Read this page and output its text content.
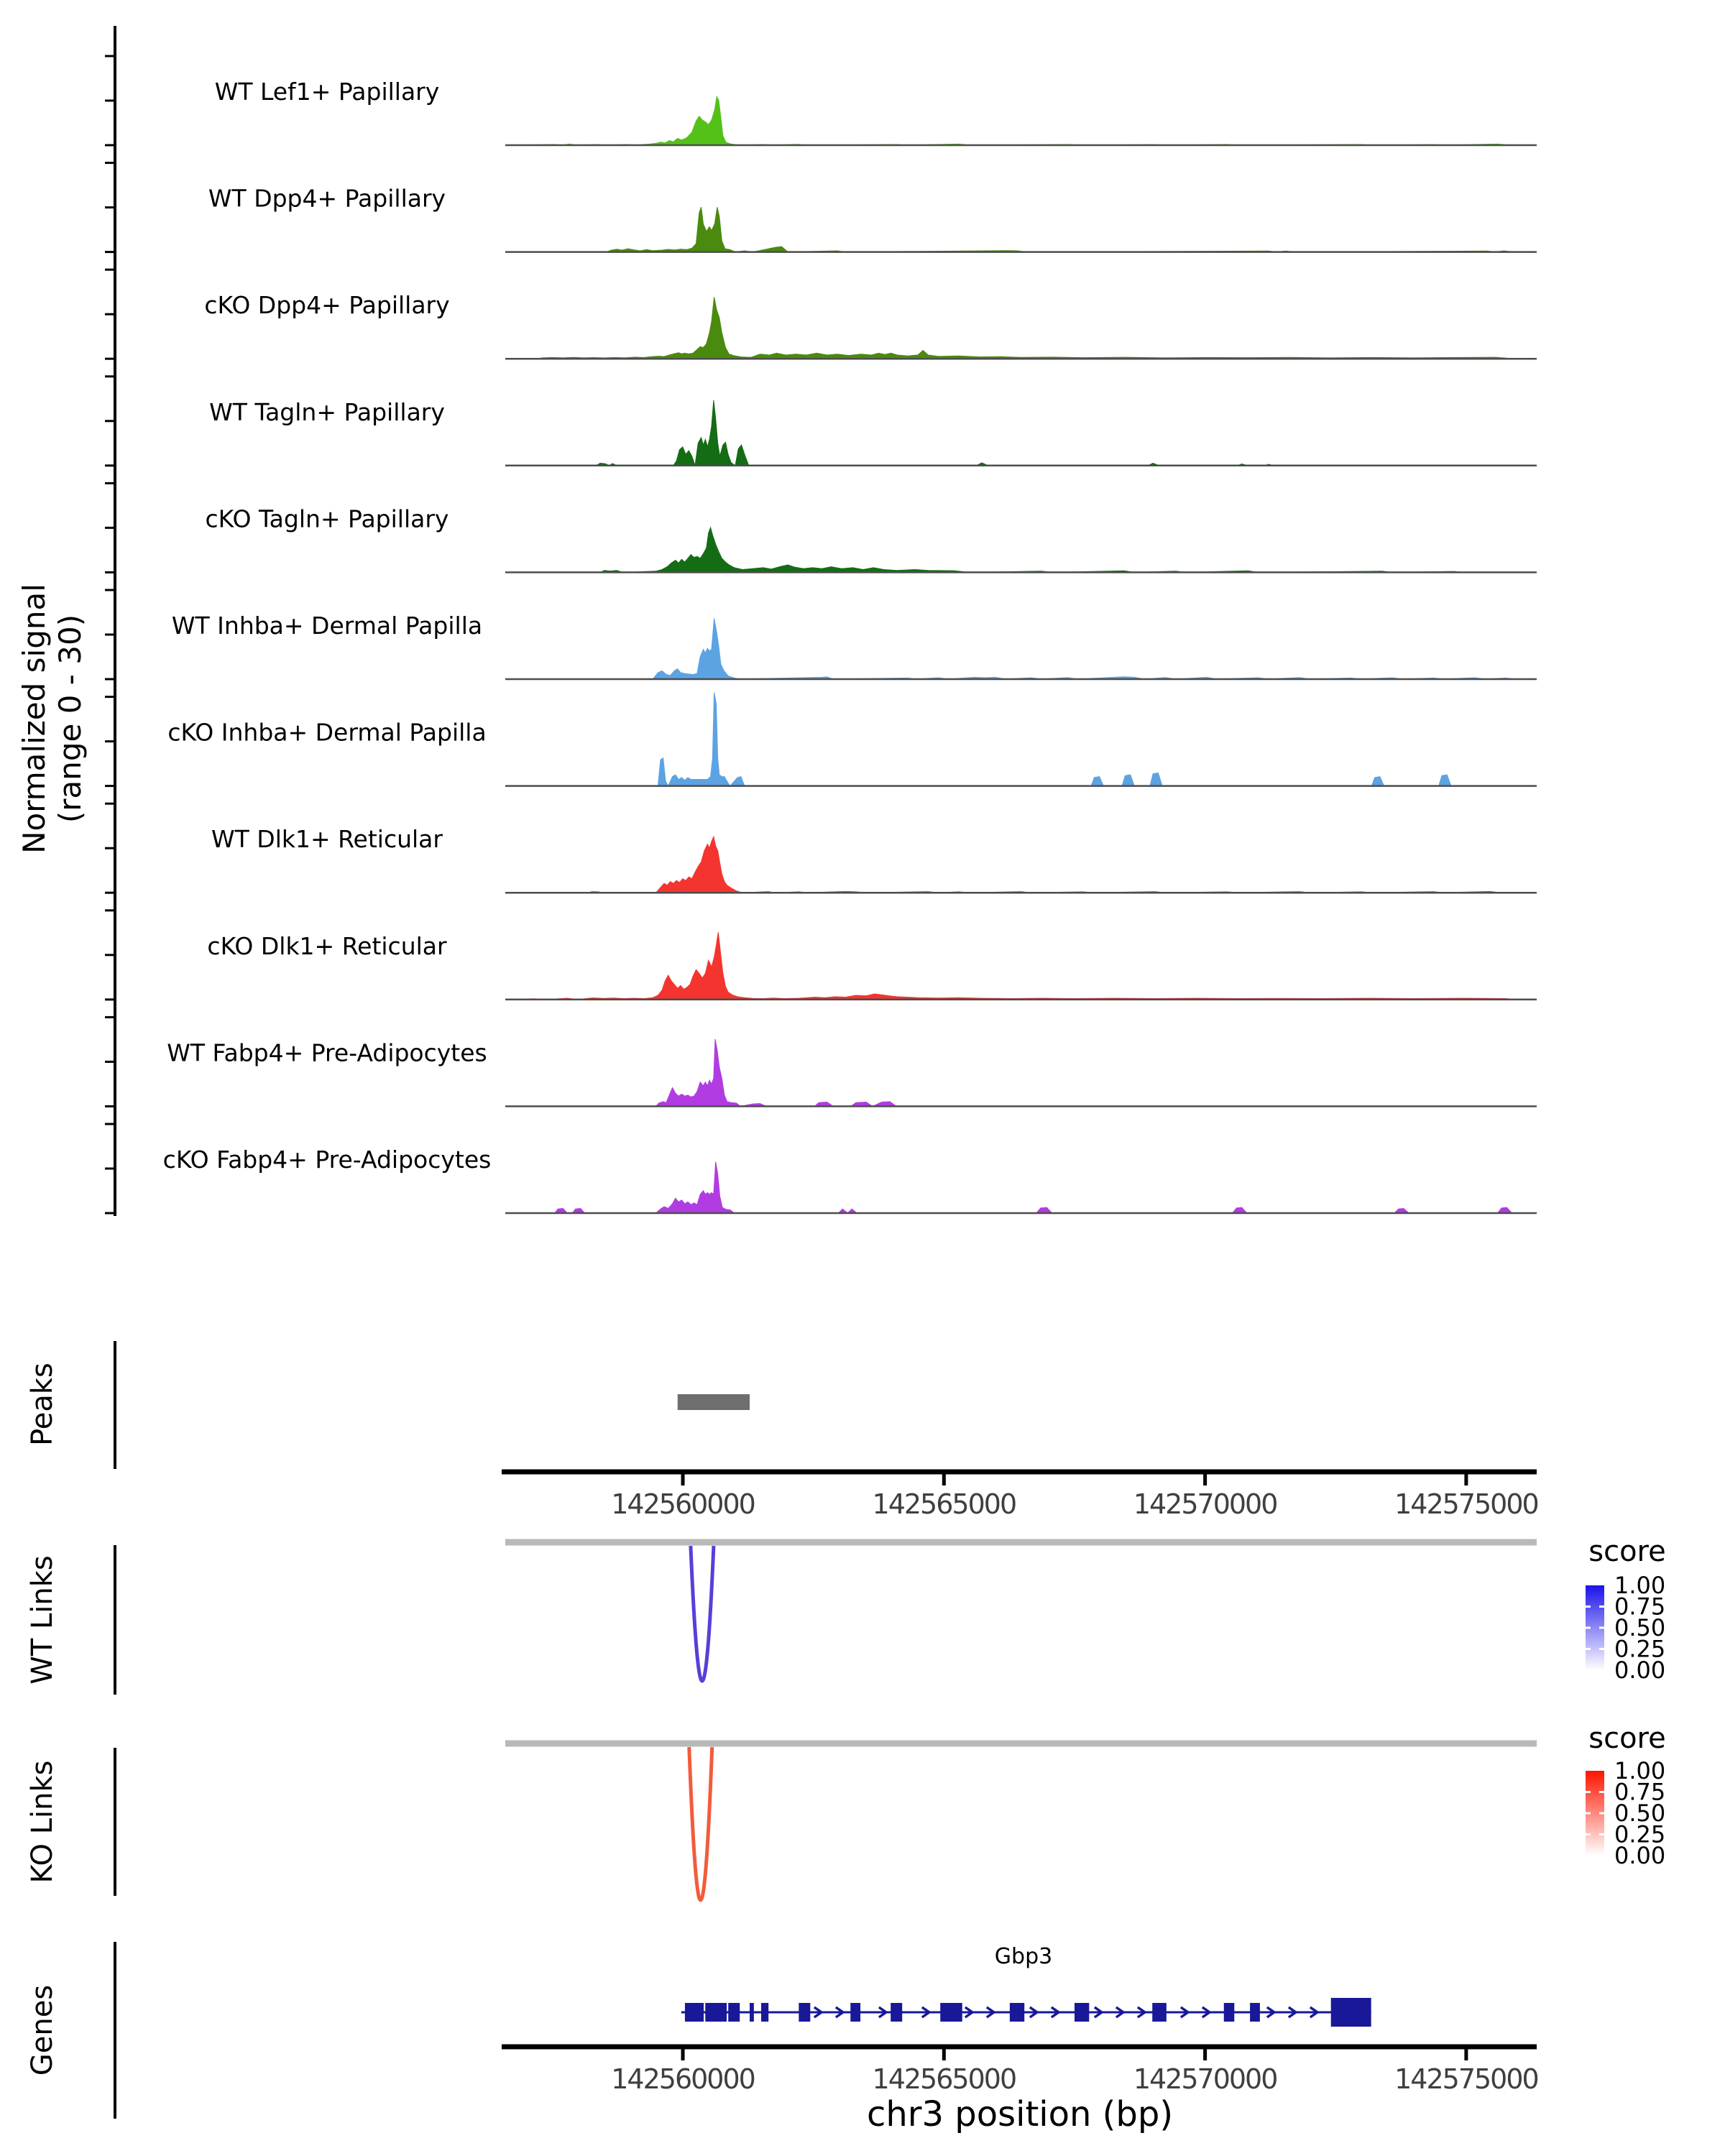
Normalized signal (range 0 - 30)
WT Lef1+ Papillary
WT Dpp4+ Papillary
cKO Dpp4+ Papillary
WT Tagln+ Papillary
cKO Tagln+ Papillary
WT Inhba+ Dermal Papilla
cKO Inhba+ Dermal Papilla
WT Dlk1+ Reticular
cKO Dlk1+ Reticular
WT Fabp4+ Pre-Adipocytes
cKO Fabp4+ Pre-Adipocytes
Peaks
142560000	142565000	142570000	142575000
WT Links
KO Links
score
1.00
0.75
0.50
0.25
0.00
score
1.00
0.75
0.50
0.25
0.00
Genes
Gbp3
142560000	142565000	142570000	142575000
chr3 position (bp)
